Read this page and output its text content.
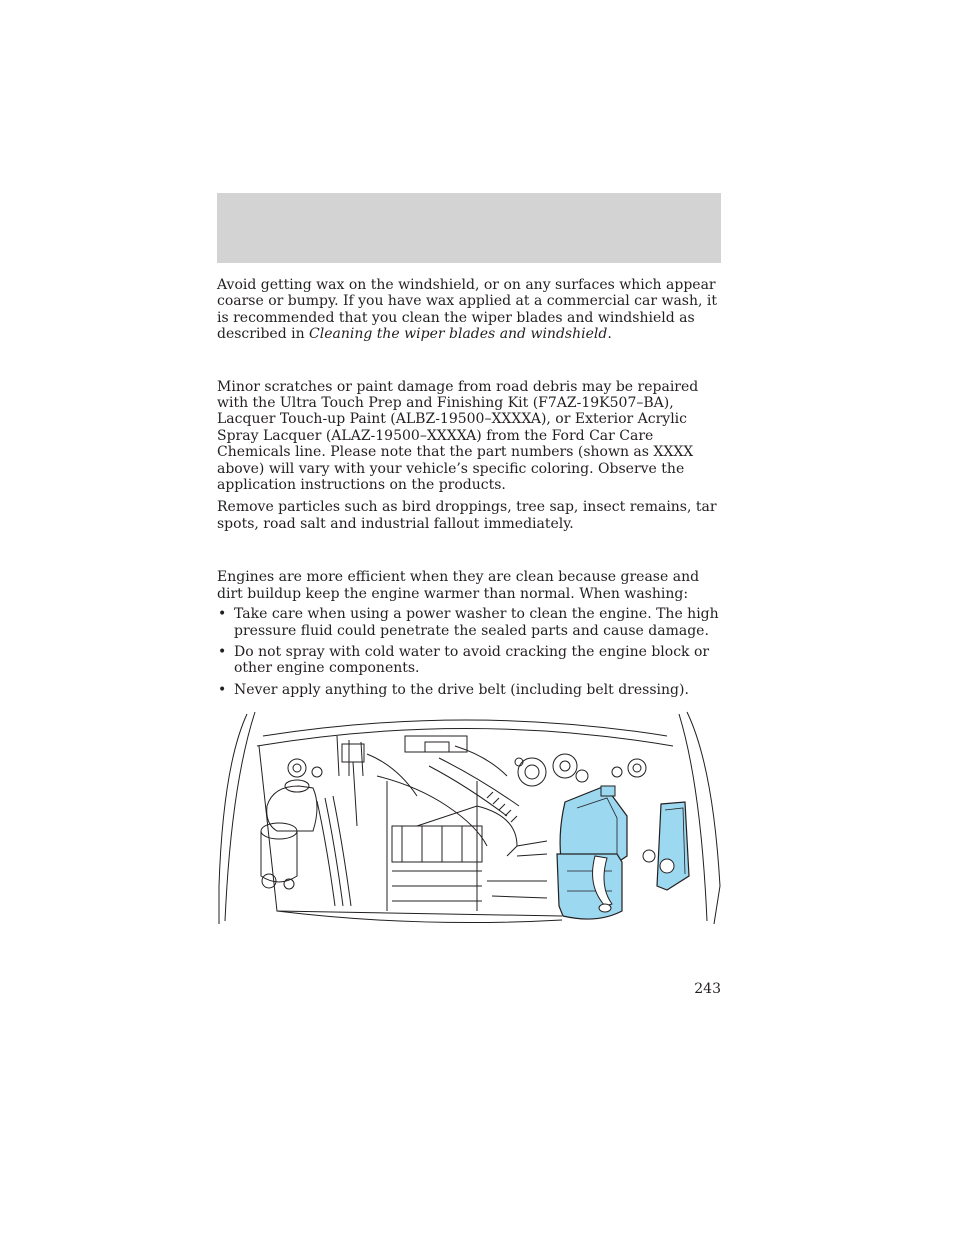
Avoid getting wax on the windshield, or on any surfaces which appear coarse or bumpy. If you have wax applied at a commercial car wash, it is recommended that you clean the wiper blades and windshield as described in Cleaning the wiper blades and windshield.

Minor scratches or paint damage from road debris may be repaired with the Ultra Touch Prep and Finishing Kit (F7AZ-19K507–BA), Lacquer Touch-up Paint (ALBZ-19500–XXXXA), or Exterior Acrylic Spray Lacquer (ALAZ-19500–XXXXA) from the Ford Car Care Chemicals line. Please note that the part numbers (shown as XXXX above) will vary with your vehicle’s specific coloring. Observe the application instructions on the products.

Remove particles such as bird droppings, tree sap, insect remains, tar spots, road salt and industrial fallout immediately.

Engines are more efficient when they are clean because grease and dirt buildup keep the engine warmer than normal. When washing:

• Take care when using a power washer to clean the engine. The high pressure fluid could penetrate the sealed parts and cause damage.
• Do not spray with cold water to avoid cracking the engine block or other engine components.
• Never apply anything to the drive belt (including belt dressing).
243
